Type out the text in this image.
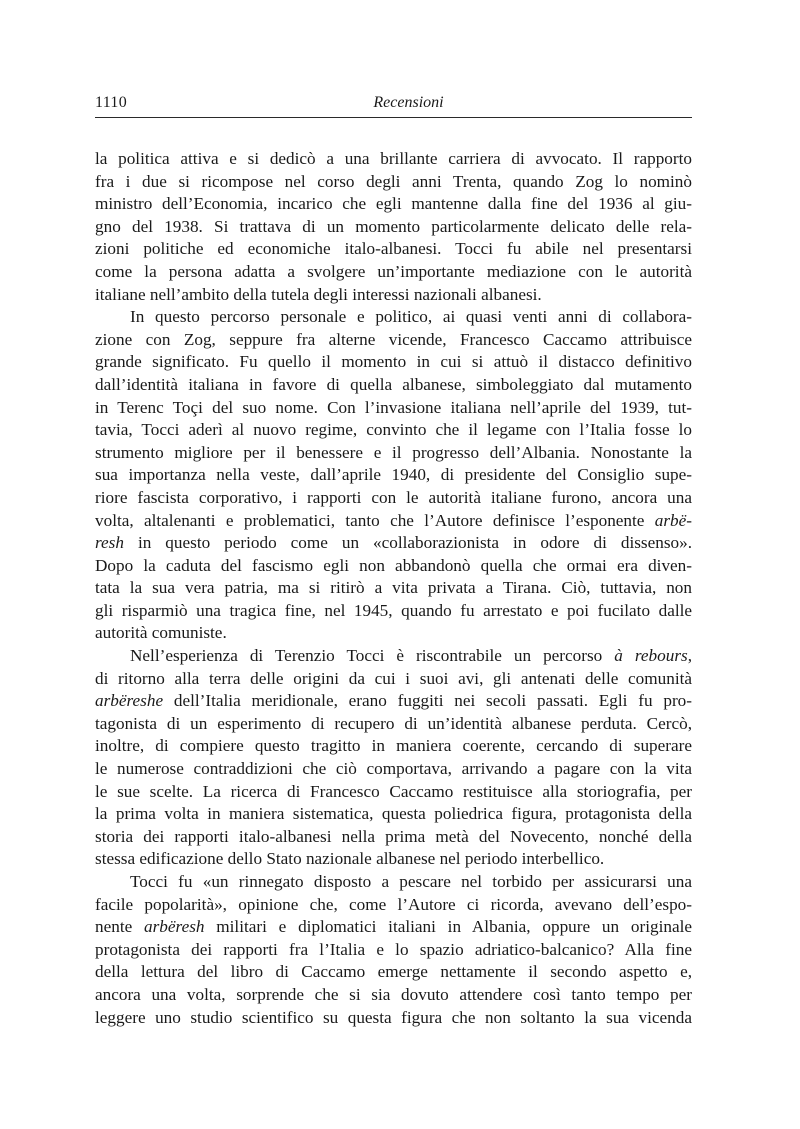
1110	Recensioni
la politica attiva e si dedicò a una brillante carriera di avvocato. Il rapporto
fra i due si ricompose nel corso degli anni Trenta, quando Zog lo nominò
ministro dell’Economia, incarico che egli mantenne dalla fine del 1936 al giu-
gno del 1938. Si trattava di un momento particolarmente delicato delle rela-
zioni politiche ed economiche italo-albanesi. Tocci fu abile nel presentarsi
come la persona adatta a svolgere un’importante mediazione con le autorità
italiane nell’ambito della tutela degli interessi nazionali albanesi.
In questo percorso personale e politico, ai quasi venti anni di collabora-
zione con Zog, seppure fra alterne vicende, Francesco Caccamo attribuisce
grande significato. Fu quello il momento in cui si attuò il distacco definitivo
dall’identità italiana in favore di quella albanese, simboleggiato dal mutamento
in Terenc Toçi del suo nome. Con l’invasione italiana nell’aprile del 1939, tut-
tavia, Tocci aderì al nuovo regime, convinto che il legame con l’Italia fosse lo
strumento migliore per il benessere e il progresso dell’Albania. Nonostante la
sua importanza nella veste, dall’aprile 1940, di presidente del Consiglio supe-
riore fascista corporativo, i rapporti con le autorità italiane furono, ancora una
volta, altalenanti e problematici, tanto che l’Autore definisce l’esponente arbë-
resh in questo periodo come un «collaborazionista in odore di dissenso».
Dopo la caduta del fascismo egli non abbandonò quella che ormai era diven-
tata la sua vera patria, ma si ritirò a vita privata a Tirana. Ciò, tuttavia, non
gli risparmiò una tragica fine, nel 1945, quando fu arrestato e poi fucilato dalle
autorità comuniste.
Nell’esperienza di Terenzio Tocci è riscontrabile un percorso à rebours,
di ritorno alla terra delle origini da cui i suoi avi, gli antenati delle comunità
arbëreshe dell’Italia meridionale, erano fuggiti nei secoli passati. Egli fu pro-
tagonista di un esperimento di recupero di un’identità albanese perduta. Cercò,
inoltre, di compiere questo tragitto in maniera coerente, cercando di superare
le numerose contraddizioni che ciò comportava, arrivando a pagare con la vita
le sue scelte. La ricerca di Francesco Caccamo restituisce alla storiografia, per
la prima volta in maniera sistematica, questa poliedrica figura, protagonista della
storia dei rapporti italo-albanesi nella prima metà del Novecento, nonché della
stessa edificazione dello Stato nazionale albanese nel periodo interbellico.
Tocci fu «un rinnegato disposto a pescare nel torbido per assicurarsi una
facile popolarità», opinione che, come l’Autore ci ricorda, avevano dell’espo-
nente arbëresh militari e diplomatici italiani in Albania, oppure un originale
protagonista dei rapporti fra l’Italia e lo spazio adriatico-balcanico? Alla fine
della lettura del libro di Caccamo emerge nettamente il secondo aspetto e,
ancora una volta, sorprende che si sia dovuto attendere così tanto tempo per
leggere uno studio scientifico su questa figura che non soltanto la sua vicenda
